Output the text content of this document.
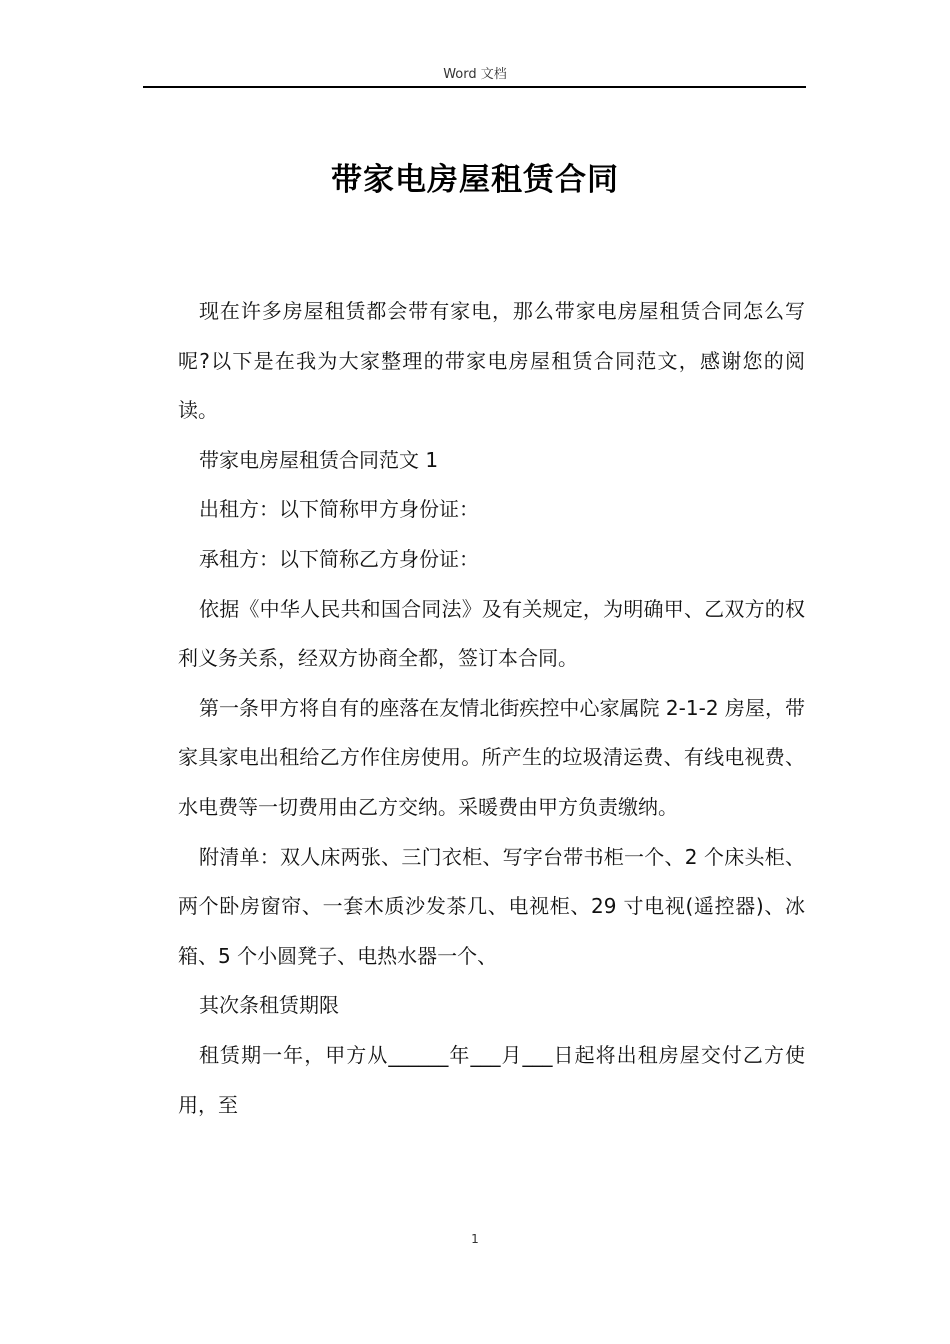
Word 文档
带家电房屋租赁合同

现在许多房屋租赁都会带有家电，那么带家电房屋租赁合同怎么写呢?以下是在我为大家整理的带家电房屋租赁合同范文，感谢您的阅读。

带家电房屋租赁合同范文 1

出租方：以下简称甲方身份证：

承租方：以下简称乙方身份证：

依据《中华人民共和国合同法》及有关规定，为明确甲、乙双方的权利义务关系，经双方协商全都，签订本合同。

第一条甲方将自有的座落在友情北街疾控中心家属院 2-1-2 房屋，带家具家电出租给乙方作住房使用。所产生的垃圾清运费、有线电视费、水电费等一切费用由乙方交纳。采暖费由甲方负责缴纳。

附清单：双人床两张、三门衣柜、写字台带书柜一个、2 个床头柜、两个卧房窗帘、一套木质沙发茶几、电视柜、29 寸电视(遥控器)、冰箱、5 个小圆凳子、电热水器一个、

其次条租赁期限

租赁期一年，甲方从______年___月___日起将出租房屋交付乙方使用，至

1
